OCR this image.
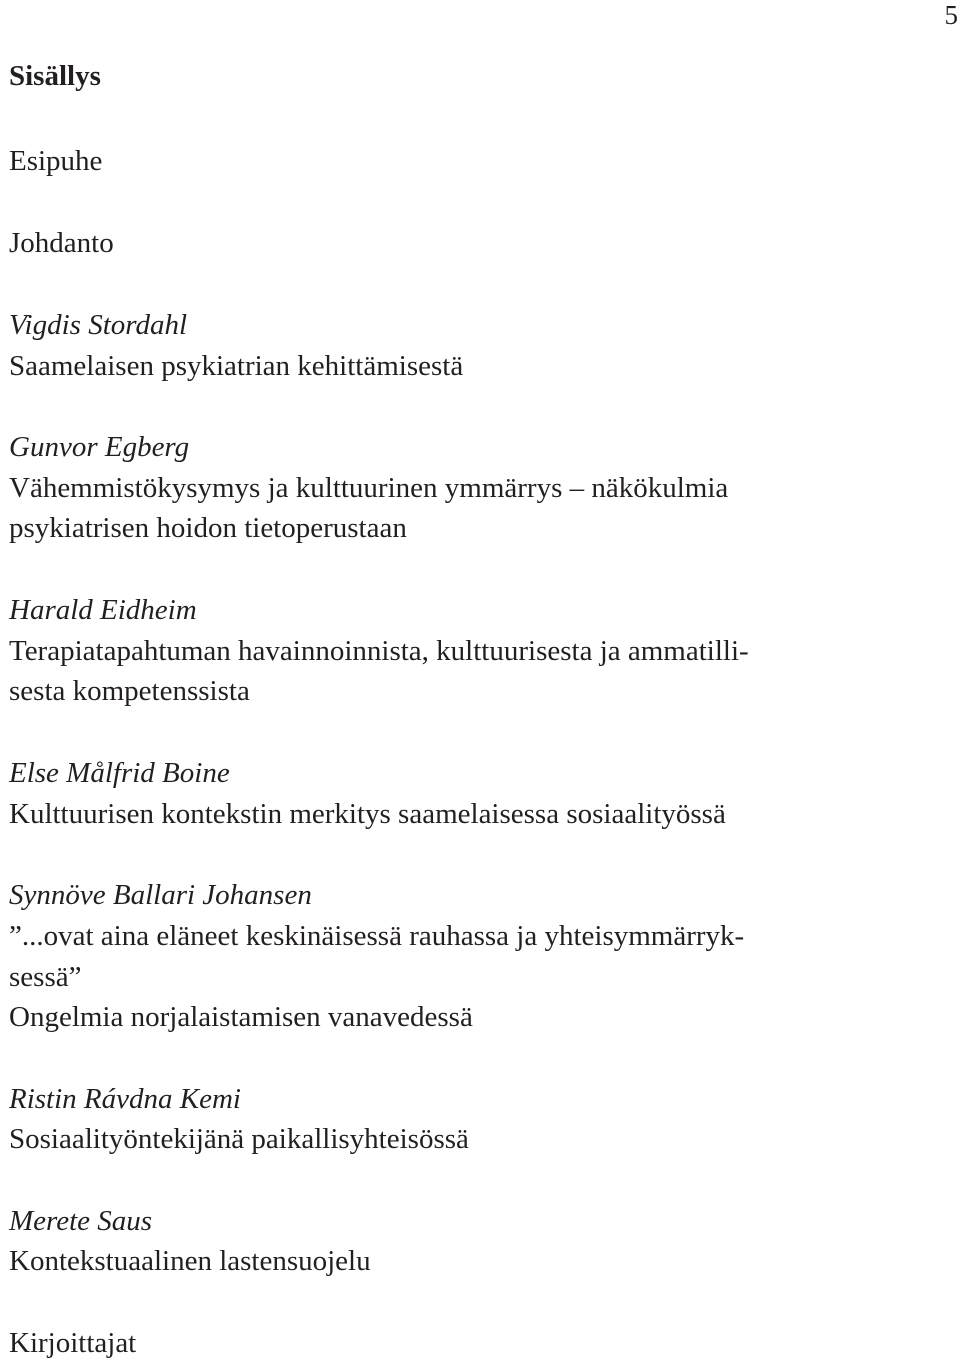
5
Sisällys
Esipuhe
Johdanto
Vigdis Stordahl
Saamelaisen psykiatrian kehittämisestä
Gunvor Egberg
Vähemmistökysymys ja kulttuurinen ymmärrys – näkökulmia
psykiatrisen hoidon tietoperustaan
Harald Eidheim
Terapiatapahtuman havainnoinnista, kulttuurisesta ja ammatilli-
sesta kompetenssista
Else Målfrid Boine
Kulttuurisen kontekstin merkitys saamelaisessa sosiaalityössä
Synnöve Ballari Johansen
”...ovat aina eläneet keskinäisessä rauhassa ja yhteisymmärryk-
sessä”
Ongelmia norjalaistamisen vanavedessä
Ristin Rávdna Kemi
Sosiaalityöntekijänä paikallisyhteisössä
Merete Saus
Kontekstuaalinen lastensuojelu
Kirjoittajat
